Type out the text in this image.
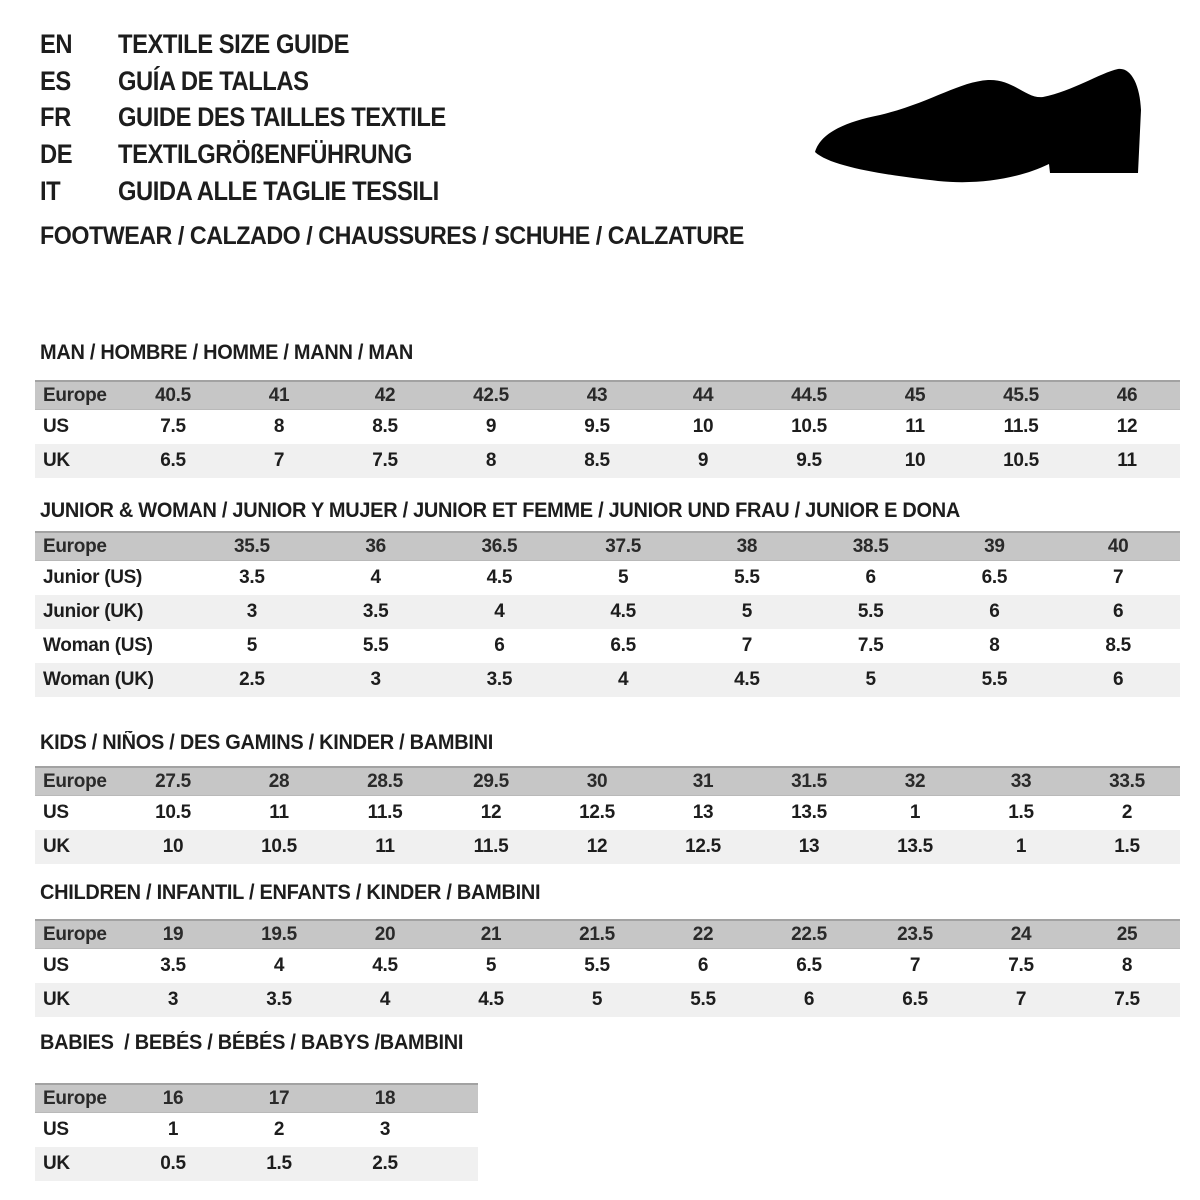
EN	TEXTILE SIZE GUIDE
ES	GUÍA DE TALLAS
FR	GUIDE DES TAILLES TEXTILE
DE	TEXTILGRÖßENFÜHRUNG
IT	GUIDA ALLE TAGLIE TESSILI
FOOTWEAR / CALZADO / CHAUSSURES / SCHUHE / CALZATURE
MAN / HOMBRE / HOMME / MANN / MAN
JUNIOR & WOMAN / JUNIOR Y MUJER / JUNIOR ET FEMME / JUNIOR UND FRAU / JUNIOR E DONA
KIDS / NIÑOS / DES GAMINS / KINDER / BAMBINI
CHILDREN / INFANTIL / ENFANTS / KINDER / BAMBINI
BABIES  / BEBÉS / BÉBÉS / BABYS /BAMBINI
Europe	40.5	41	42	42.5	43	44	44.5	45	45.5	46
US	7.5	8	8.5	9	9.5	10	10.5	11	11.5	12
UK	6.5	7	7.5	8	8.5	9	9.5	10	10.5	11
Europe	35.5	36	36.5	37.5	38	38.5	39	40
Junior (US)	3.5	4	4.5	5	5.5	6	6.5	7
Junior (UK)	3	3.5	4	4.5	5	5.5	6	6
Woman (US)	5	5.5	6	6.5	7	7.5	8	8.5
Woman (UK)	2.5	3	3.5	4	4.5	5	5.5	6
Europe	27.5	28	28.5	29.5	30	31	31.5	32	33	33.5
US	10.5	11	11.5	12	12.5	13	13.5	1	1.5	2
UK	10	10.5	11	11.5	12	12.5	13	13.5	1	1.5
Europe	19	19.5	20	21	21.5	22	22.5	23.5	24	25
US	3.5	4	4.5	5	5.5	6	6.5	7	7.5	8
UK	3	3.5	4	4.5	5	5.5	6	6.5	7	7.5
Europe	16	17	18
US	1	2	3
UK	0.5	1.5	2.5
